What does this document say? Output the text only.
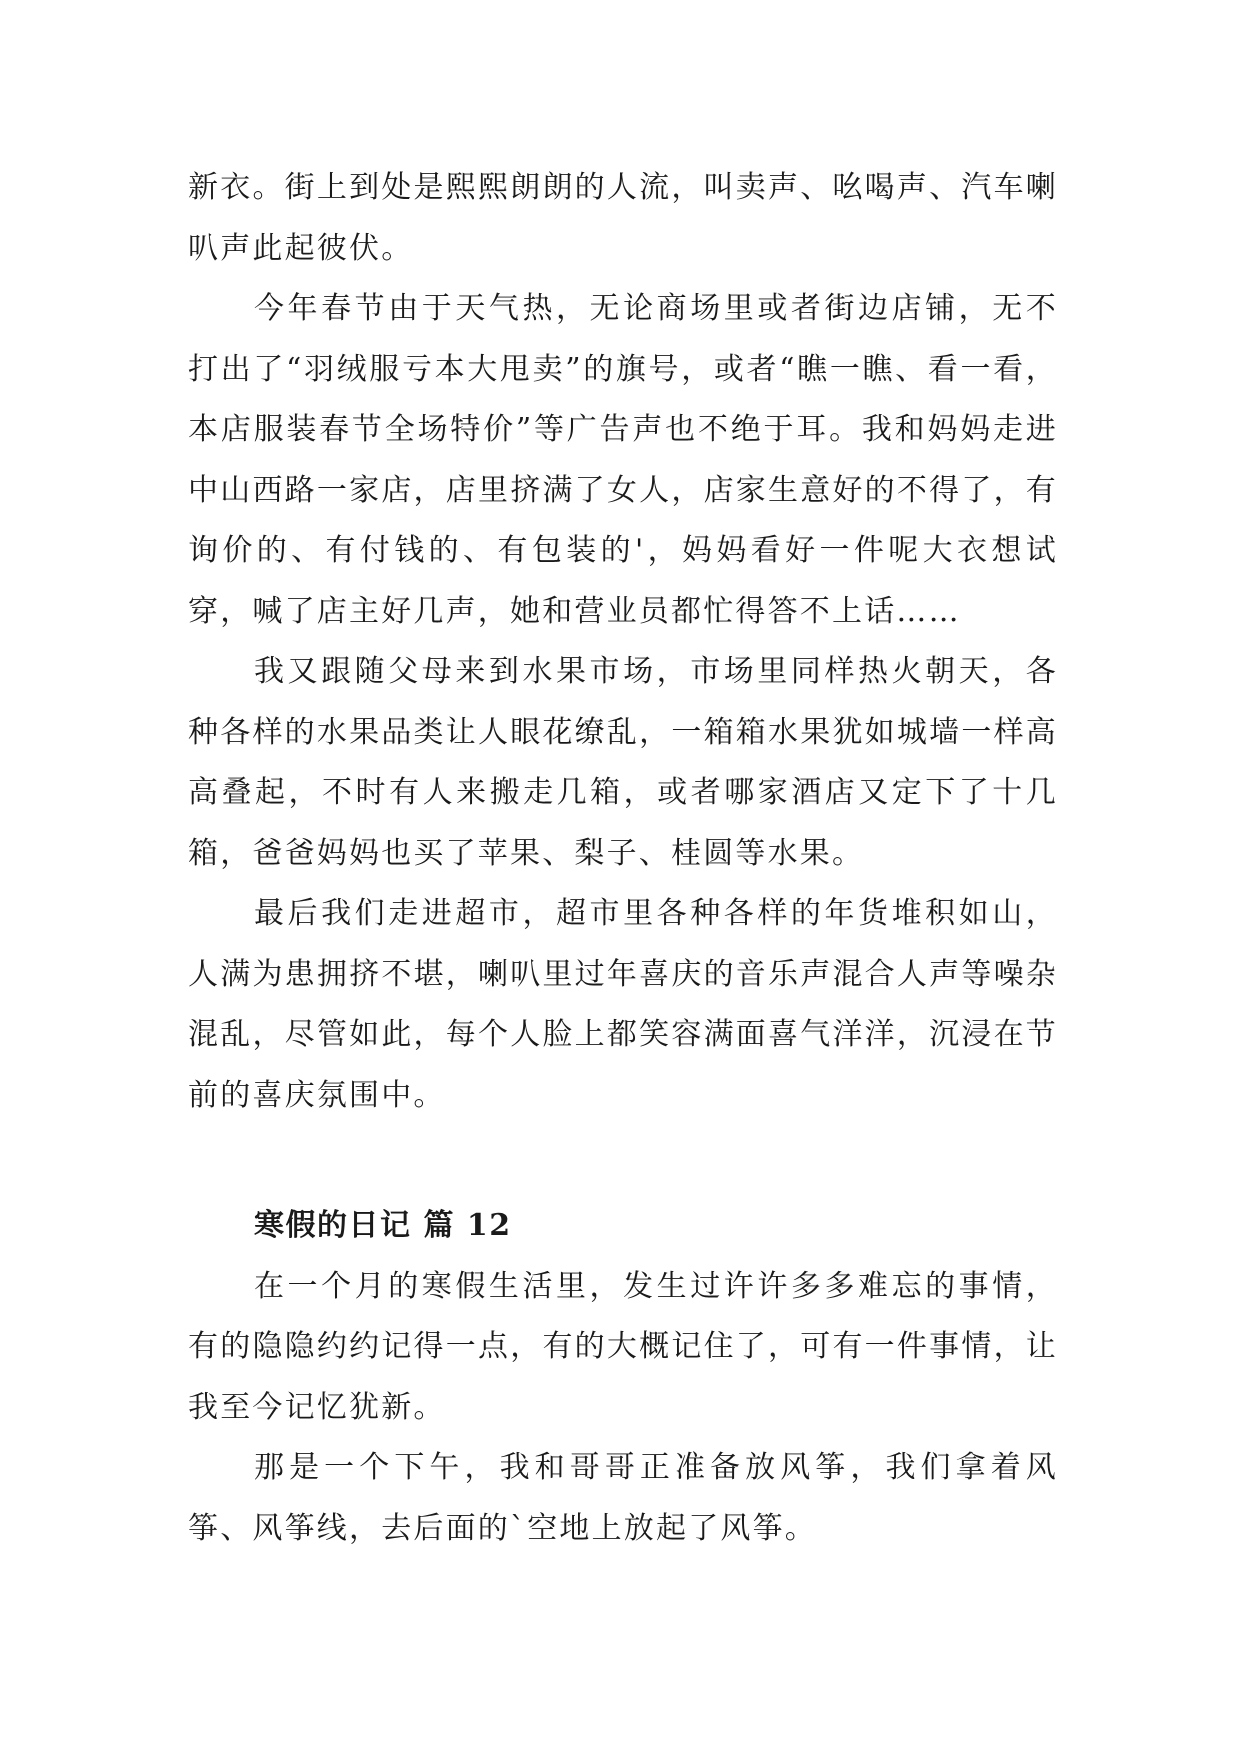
新衣。街上到处是熙熙朗朗的人流，叫卖声、吆喝声、汽车喇叭声此起彼伏。

今年春节由于天气热，无论商场里或者街边店铺，无不打出了“羽绒服亏本大甩卖”的旗号，或者“瞧一瞧、看一看，本店服装春节全场特价”等广告声也不绝于耳。我和妈妈走进中山西路一家店，店里挤满了女人，店家生意好的不得了，有询价的、有付钱的、有包装的'，妈妈看好一件呢大衣想试穿，喊了店主好几声，她和营业员都忙得答不上话……

我又跟随父母来到水果市场，市场里同样热火朝天，各种各样的水果品类让人眼花缭乱，一箱箱水果犹如城墙一样高高叠起，不时有人来搬走几箱，或者哪家酒店又定下了十几箱，爸爸妈妈也买了苹果、梨子、桂圆等水果。

最后我们走进超市，超市里各种各样的年货堆积如山，人满为患拥挤不堪，喇叭里过年喜庆的音乐声混合人声等噪杂混乱，尽管如此，每个人脸上都笑容满面喜气洋洋，沉浸在节前的喜庆氛围中。

寒假的日记 篇 12

在一个月的寒假生活里，发生过许许多多难忘的事情，有的隐隐约约记得一点，有的大概记住了，可有一件事情，让我至今记忆犹新。

那是一个下午，我和哥哥正准备放风筝，我们拿着风筝、风筝线，去后面的`空地上放起了风筝。
